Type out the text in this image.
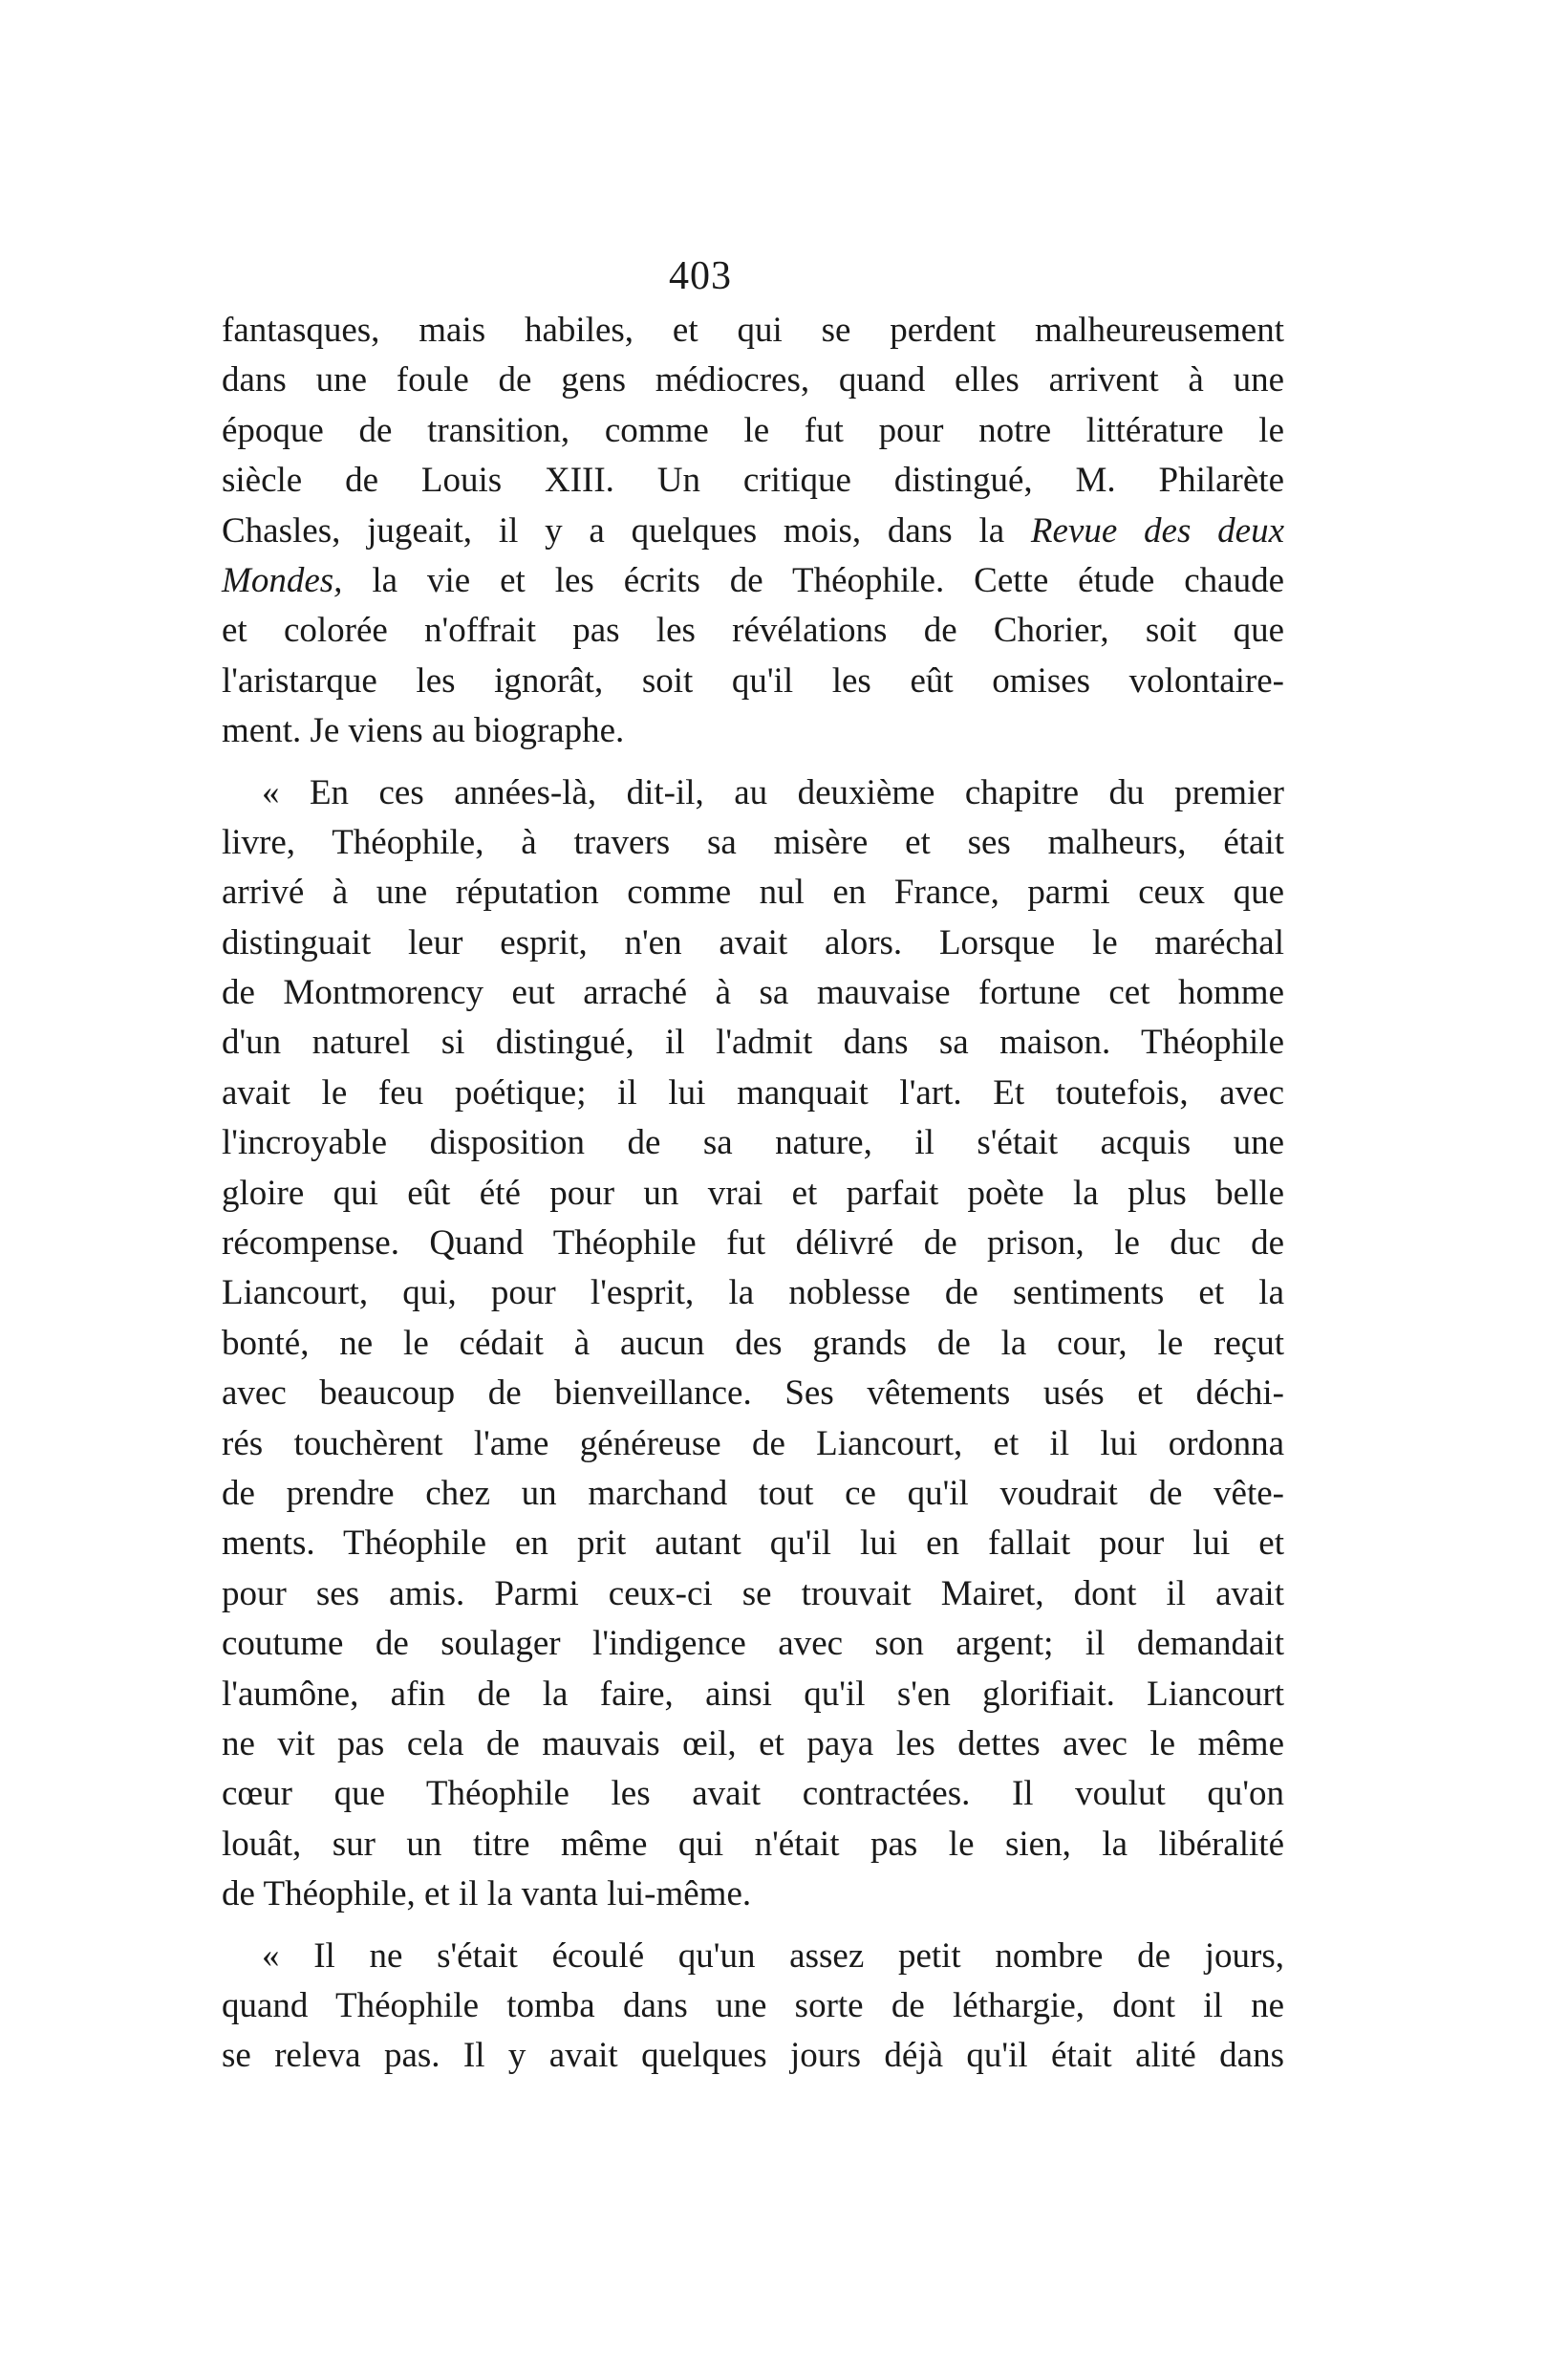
403
fantasques, mais habiles, et qui se perdent malheureusement
dans une foule de gens médiocres, quand elles arrivent à une
époque de transition, comme le fut pour notre littérature le
siècle de Louis XIII. Un critique distingué, M. Philarète
Chasles, jugeait, il y a quelques mois, dans la Revue des deux
Mondes, la vie et les écrits de Théophile. Cette étude chaude
et colorée n'offrait pas les révélations de Chorier, soit que
l'aristarque les ignorât, soit qu'il les eût omises volontaire-
ment. Je viens au biographe.
« En ces années-là, dit-il, au deuxième chapitre du premier
livre, Théophile, à travers sa misère et ses malheurs, était
arrivé à une réputation comme nul en France, parmi ceux que
distinguait leur esprit, n'en avait alors. Lorsque le maréchal
de Montmorency eut arraché à sa mauvaise fortune cet homme
d'un naturel si distingué, il l'admit dans sa maison. Théophile
avait le feu poétique; il lui manquait l'art. Et toutefois, avec
l'incroyable disposition de sa nature, il s'était acquis une
gloire qui eût été pour un vrai et parfait poète la plus belle
récompense. Quand Théophile fut délivré de prison, le duc de
Liancourt, qui, pour l'esprit, la noblesse de sentiments et la
bonté, ne le cédait à aucun des grands de la cour, le reçut
avec beaucoup de bienveillance. Ses vêtements usés et déchi-
rés touchèrent l'ame généreuse de Liancourt, et il lui ordonna
de prendre chez un marchand tout ce qu'il voudrait de vête-
ments. Théophile en prit autant qu'il lui en fallait pour lui et
pour ses amis. Parmi ceux-ci se trouvait Mairet, dont il avait
coutume de soulager l'indigence avec son argent; il demandait
l'aumône, afin de la faire, ainsi qu'il s'en glorifiait. Liancourt
ne vit pas cela de mauvais œil, et paya les dettes avec le même
cœur que Théophile les avait contractées. Il voulut qu'on
louât, sur un titre même qui n'était pas le sien, la libéralité
de Théophile, et il la vanta lui-même.
« Il ne s'était écoulé qu'un assez petit nombre de jours,
quand Théophile tomba dans une sorte de léthargie, dont il ne
se releva pas. Il y avait quelques jours déjà qu'il était alité dans
